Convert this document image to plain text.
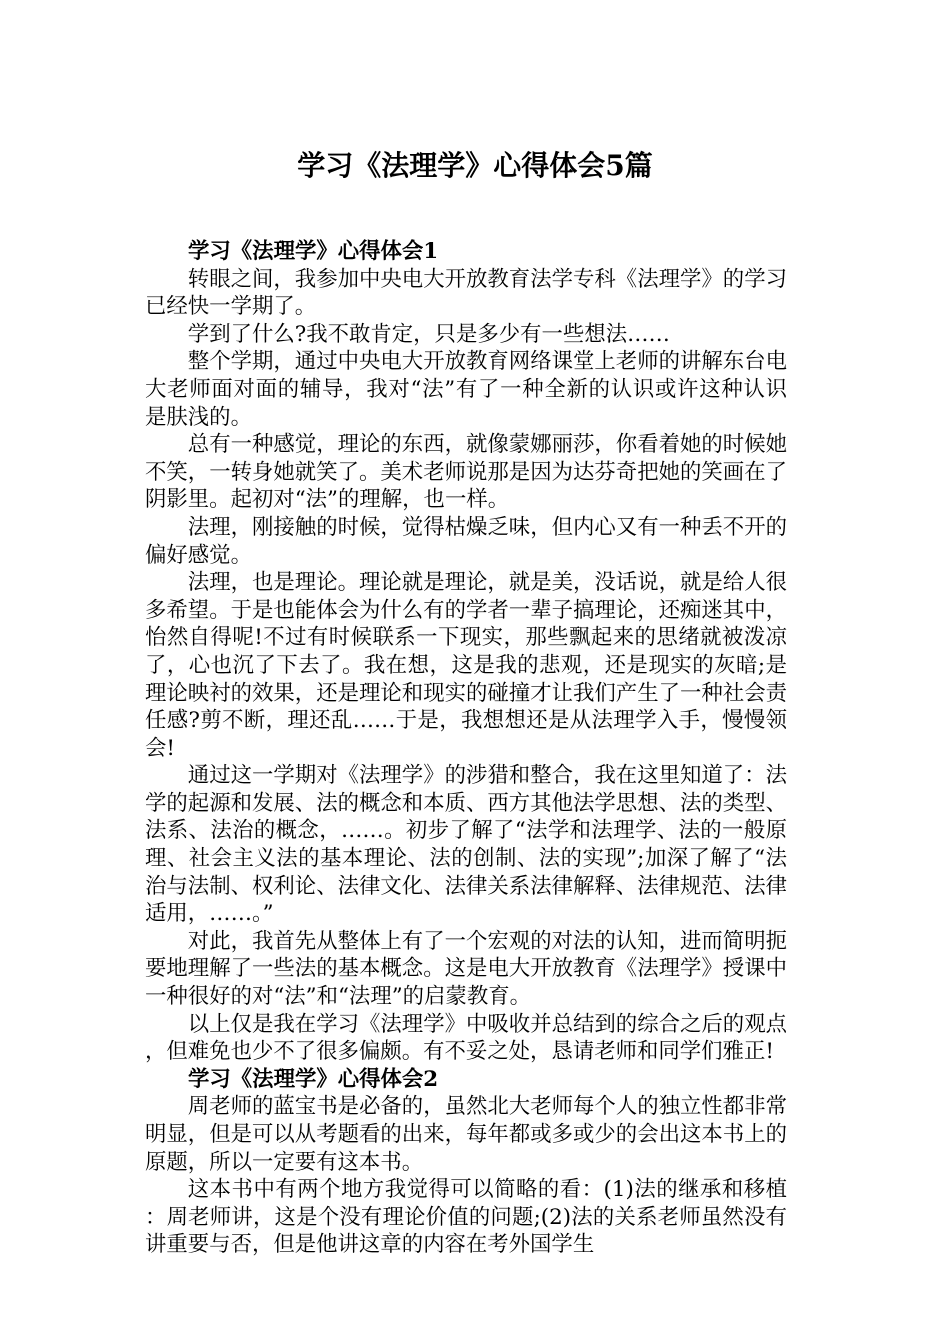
学习《法理学》心得体会5篇
学习《法理学》心得体会1

转眼之间，我参加中央电大开放教育法学专科《法理学》的学习已经快一学期了。

学到了什么?我不敢肯定，只是多少有一些想法……

整个学期，通过中央电大开放教育网络课堂上老师的讲解东台电大老师面对面的辅导，我对“法”有了一种全新的认识或许这种认识是肤浅的。

总有一种感觉，理论的东西，就像蒙娜丽莎，你看着她的时候她不笑，一转身她就笑了。美术老师说那是因为达芬奇把她的笑画在了阴影里。起初对“法”的理解，也一样。

法理，刚接触的时候，觉得枯燥乏味，但内心又有一种丢不开的偏好感觉。

法理，也是理论。理论就是理论，就是美，没话说，就是给人很多希望。于是也能体会为什么有的学者一辈子搞理论，还痴迷其中，怡然自得呢!不过有时候联系一下现实，那些飘起来的思绪就被泼凉了，心也沉了下去了。我在想，这是我的悲观，还是现实的灰暗;是理论映衬的效果，还是理论和现实的碰撞才让我们产生了一种社会责任感?剪不断，理还乱……于是，我想想还是从法理学入手，慢慢领会!

通过这一学期对《法理学》的涉猎和整合，我在这里知道了：法学的起源和发展、法的概念和本质、西方其他法学思想、法的类型、法系、法治的概念，……。初步了解了“法学和法理学、法的一般原理、社会主义法的基本理论、法的创制、法的实现”;加深了解了“法治与法制、权利论、法律文化、法律关系法律解释、法律规范、法律适用，……。”

对此，我首先从整体上有了一个宏观的对法的认知，进而简明扼要地理解了一些法的基本概念。这是电大开放教育《法理学》授课中一种很好的对“法”和“法理”的启蒙教育。

以上仅是我在学习《法理学》中吸收并总结到的综合之后的观点，但难免也少不了很多偏颇。有不妥之处，恳请老师和同学们雅正!

学习《法理学》心得体会2

周老师的蓝宝书是必备的，虽然北大老师每个人的独立性都非常明显，但是可以从考题看的出来，每年都或多或少的会出这本书上的原题，所以一定要有这本书。

这本书中有两个地方我觉得可以简略的看：(1)法的继承和移植：周老师讲，这是个没有理论价值的问题;(2)法的关系老师虽然没有讲重要与否，但是他讲这章的内容在考外国学生
